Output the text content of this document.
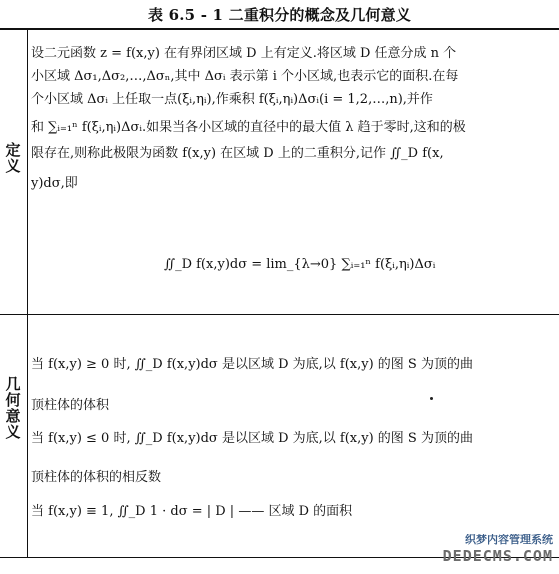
表 6.5 - 1 二重积分的概念及几何意义
定
义
几
何
意
义
设二元函数 z = f(x,y) 在有界闭区域 D 上有定义.将区域 D 任意分成 n 个
小区域 Δσ₁,Δσ₂,…,Δσₙ,其中 Δσᵢ 表示第 i 个小区域,也表示它的面积.在每
个小区域 Δσᵢ 上任取一点(ξᵢ,ηᵢ),作乘积 f(ξᵢ,ηᵢ)Δσᵢ(i = 1,2,…,n),并作
和 ∑ᵢ₌₁ⁿ f(ξᵢ,ηᵢ)Δσᵢ.如果当各小区域的直径中的最大值 λ 趋于零时,这和的极
限存在,则称此极限为函数 f(x,y) 在区域 D 上的二重积分,记作 ∬_D f(x,
y)dσ,即
∬_D f(x,y)dσ = lim_{λ→0} ∑ᵢ₌₁ⁿ f(ξᵢ,ηᵢ)Δσᵢ
当 f(x,y) ≥ 0 时, ∬_D f(x,y)dσ 是以区域 D 为底,以 f(x,y) 的图 S 为顶的曲
顶柱体的体积
当 f(x,y) ≤ 0 时, ∬_D f(x,y)dσ 是以区域 D 为底,以 f(x,y) 的图 S 为顶的曲
顶柱体的体积的相反数
当 f(x,y) ≡ 1, ∬_D 1 · dσ = | D | —— 区域 D 的面积
织梦内容管理系统
DEDECMS.COM
